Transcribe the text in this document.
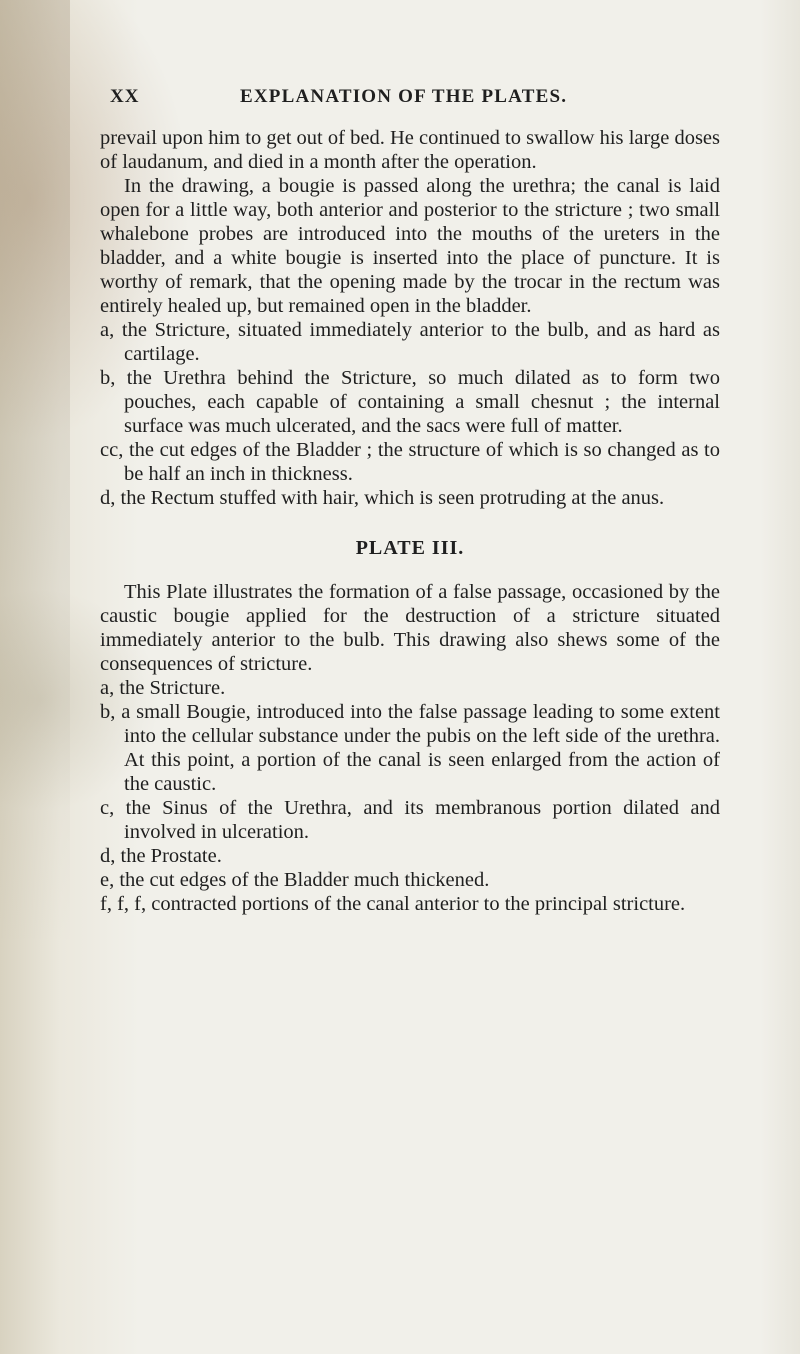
XX	EXPLANATION OF THE PLATES.

prevail upon him to get out of bed. He continued to swallow his large doses of laudanum, and died in a month after the operation.

In the drawing, a bougie is passed along the urethra; the canal is laid open for a little way, both anterior and posterior to the stricture ; two small whalebone probes are introduced into the mouths of the ureters in the bladder, and a white bougie is inserted into the place of puncture. It is worthy of remark, that the opening made by the trocar in the rectum was entirely healed up, but remained open in the bladder.

a, the Stricture, situated immediately anterior to the bulb, and as hard as cartilage.

b, the Urethra behind the Stricture, so much dilated as to form two pouches, each capable of containing a small chesnut ; the internal surface was much ulcerated, and the sacs were full of matter.

cc, the cut edges of the Bladder ; the structure of which is so changed as to be half an inch in thickness.

d, the Rectum stuffed with hair, which is seen protruding at the anus.

PLATE III.

This Plate illustrates the formation of a false passage, occasioned by the caustic bougie applied for the destruction of a stricture situated immediately anterior to the bulb. This drawing also shews some of the consequences of stricture.

a, the Stricture.

b, a small Bougie, introduced into the false passage leading to some extent into the cellular substance under the pubis on the left side of the urethra. At this point, a portion of the canal is seen enlarged from the action of the caustic.

c, the Sinus of the Urethra, and its membranous portion dilated and involved in ulceration.

d, the Prostate.

e, the cut edges of the Bladder much thickened.

f, f, f, contracted portions of the canal anterior to the principal stricture.
